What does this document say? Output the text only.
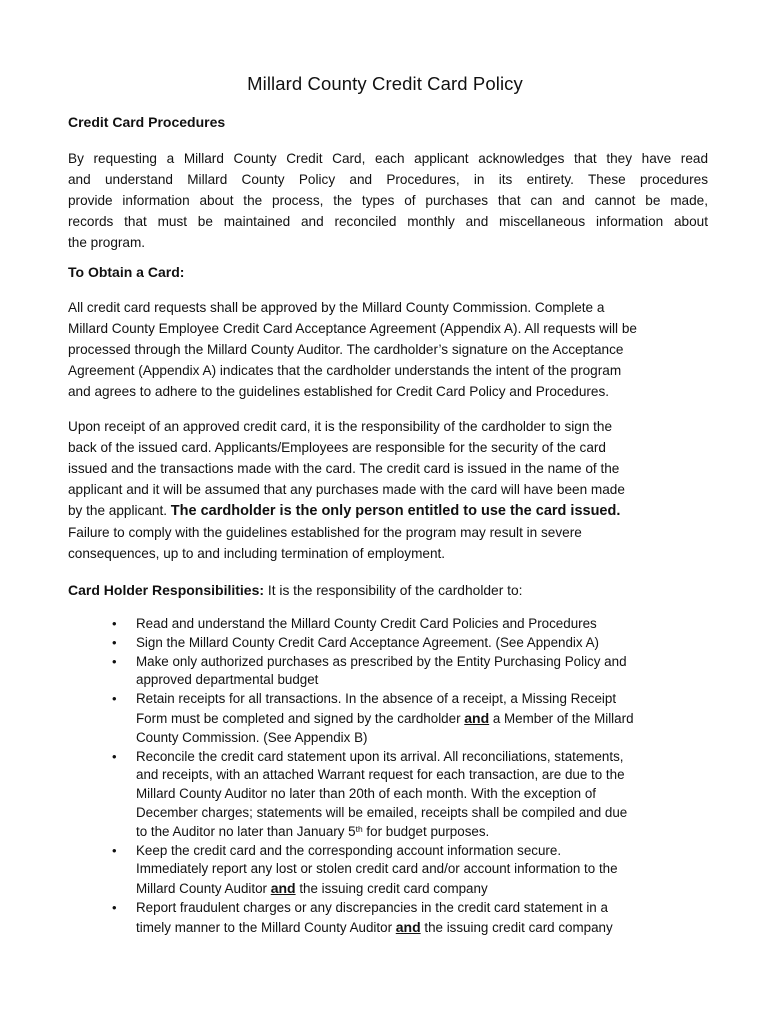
Millard County Credit Card Policy
Credit Card Procedures
By requesting a Millard County Credit Card, each applicant acknowledges that they have read
and understand Millard County Policy and Procedures, in its entirety. These procedures
provide information about the process, the types of purchases that can and cannot be made,
records that must be maintained and reconciled monthly and miscellaneous information about
the program.
To Obtain a Card:
All credit card requests shall be approved by the Millard County Commission. Complete a
Millard County Employee Credit Card Acceptance Agreement (Appendix A). All requests will be
processed through the Millard County Auditor. The cardholder’s signature on the Acceptance
Agreement (Appendix A) indicates that the cardholder understands the intent of the program
and agrees to adhere to the guidelines established for Credit Card Policy and Procedures.
Upon receipt of an approved credit card, it is the responsibility of the cardholder to sign the
back of the issued card. Applicants/Employees are responsible for the security of the card
issued and the transactions made with the card. The credit card is issued in the name of the
applicant and it will be assumed that any purchases made with the card will have been made
by the applicant. The cardholder is the only person entitled to use the card issued.
Failure to comply with the guidelines established for the program may result in severe
consequences, up to and including termination of employment.
Card Holder Responsibilities: It is the responsibility of the cardholder to:
• Read and understand the Millard County Credit Card Policies and Procedures
• Sign the Millard County Credit Card Acceptance Agreement. (See Appendix A)
• Make only authorized purchases as prescribed by the Entity Purchasing Policy and
approved departmental budget
• Retain receipts for all transactions. In the absence of a receipt, a Missing Receipt
Form must be completed and signed by the cardholder and a Member of the Millard
County Commission. (See Appendix B)
• Reconcile the credit card statement upon its arrival. All reconciliations, statements,
and receipts, with an attached Warrant request for each transaction, are due to the
Millard County Auditor no later than 20th of each month. With the exception of
December charges; statements will be emailed, receipts shall be compiled and due
to the Auditor no later than January 5th for budget purposes.
• Keep the credit card and the corresponding account information secure.
Immediately report any lost or stolen credit card and/or account information to the
Millard County Auditor and the issuing credit card company
• Report fraudulent charges or any discrepancies in the credit card statement in a
timely manner to the Millard County Auditor and the issuing credit card company
